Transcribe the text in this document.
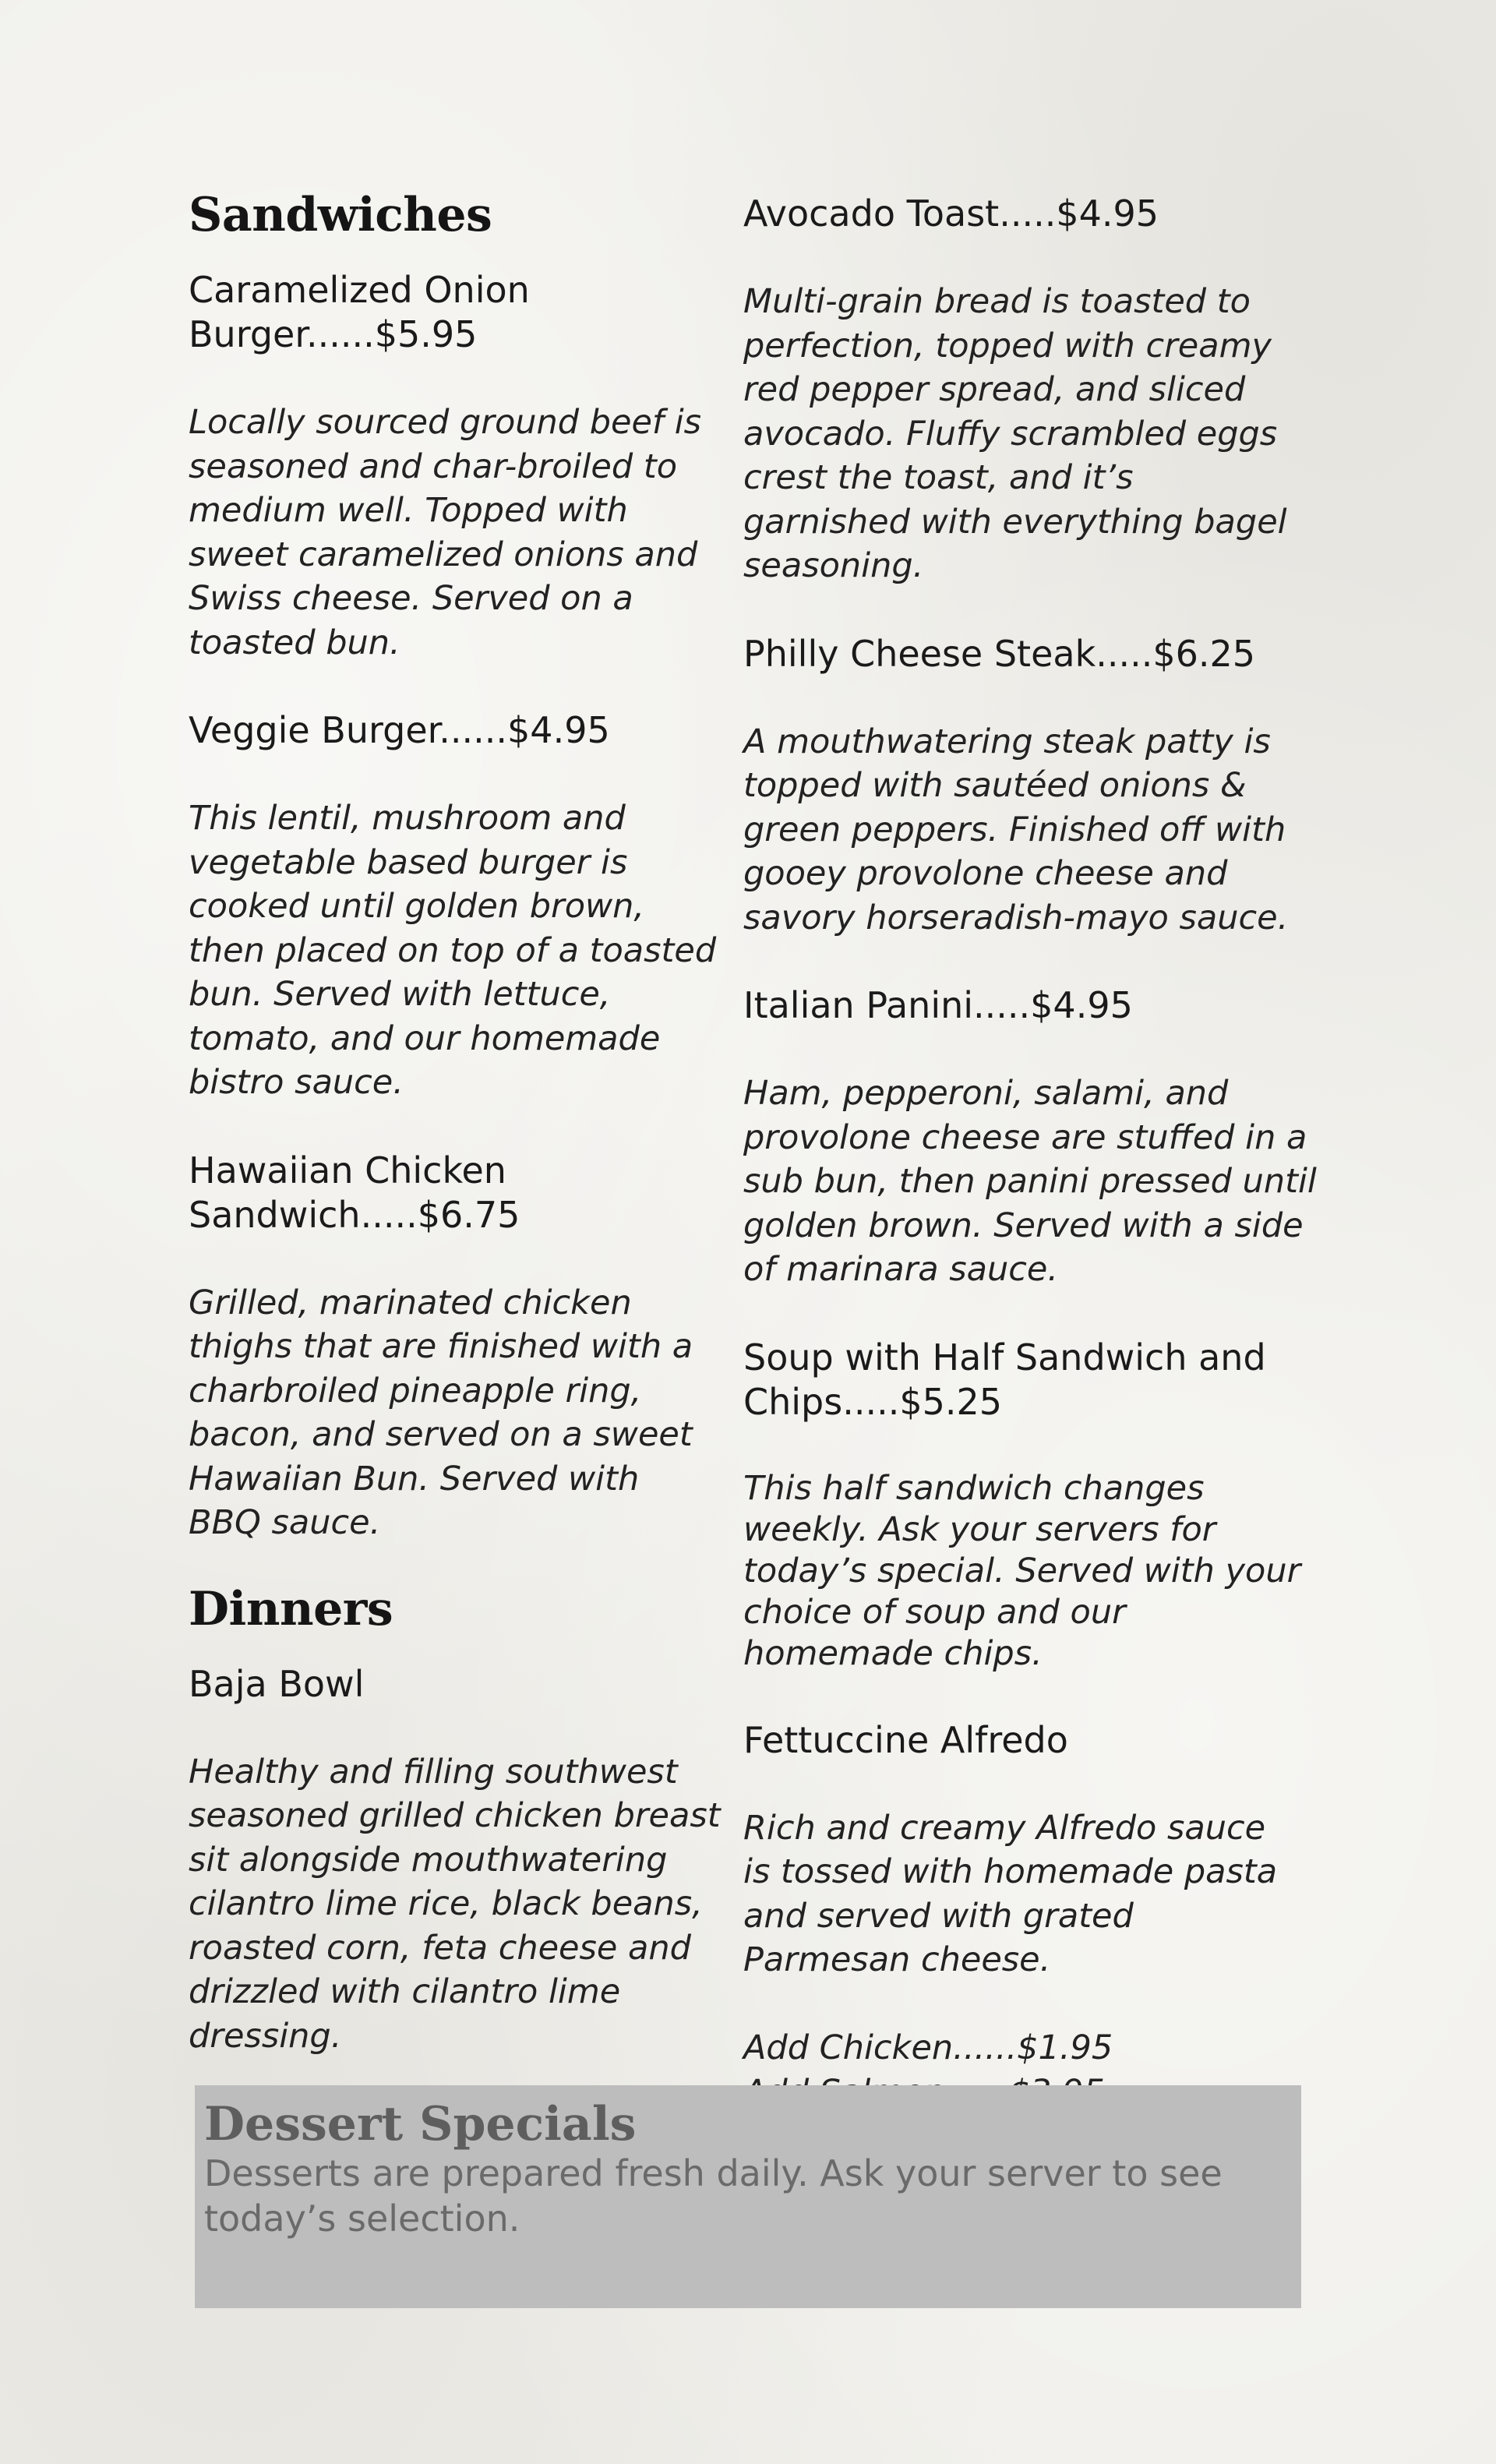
Sandwiches
Caramelized Onion Burger......$5.95
Locally sourced ground beef is seasoned and char-broiled to medium well. Topped with sweet caramelized onions and Swiss cheese. Served on a toasted bun.
Veggie Burger......$4.95
This lentil, mushroom and vegetable based burger is cooked until golden brown, then placed on top of a toasted bun. Served with lettuce, tomato, and our homemade bistro sauce.
Hawaiian Chicken Sandwich.....$6.75
Grilled, marinated chicken thighs that are finished with a charbroiled pineapple ring, bacon, and served on a sweet Hawaiian Bun. Served with BBQ sauce.
Dinners
Baja Bowl
Healthy and filling southwest seasoned grilled chicken breast sit alongside mouthwatering cilantro lime rice, black beans, roasted corn, feta cheese and drizzled with cilantro lime dressing.
Avocado Toast.....$4.95
Multi-grain bread is toasted to perfection, topped with creamy red pepper spread, and sliced avocado. Fluffy scrambled eggs crest the toast, and it’s garnished with everything bagel seasoning.
Philly Cheese Steak.....$6.25
A mouthwatering steak patty is topped with sautéed onions & green peppers. Finished off with gooey provolone cheese and savory horseradish-mayo sauce.
Italian Panini.....$4.95
Ham, pepperoni, salami, and provolone cheese are stuffed in a sub bun, then panini pressed until golden brown. Served with a side of marinara sauce.
Soup with Half Sandwich and Chips.....$5.25
This half sandwich changes weekly. Ask your servers for today’s special. Served with your choice of soup and our homemade chips.
Fettuccine Alfredo
Rich and creamy Alfredo sauce is tossed with homemade pasta and served with grated Parmesan cheese.
Add Chicken......$1.95
Dessert Specials

Desserts are prepared fresh daily. Ask your server to see today’s selection.
